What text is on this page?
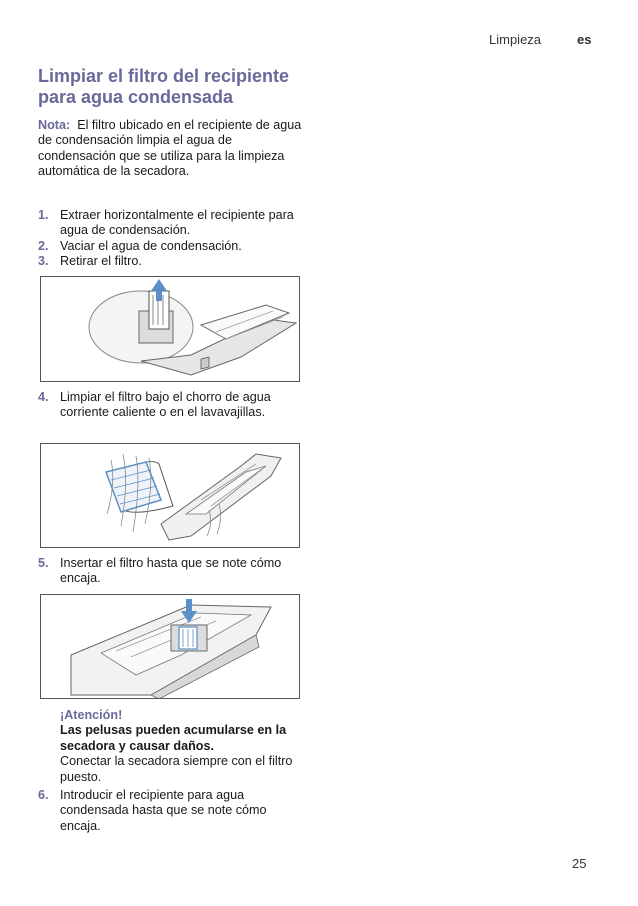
Limpieza	es
Limpiar el filtro del recipiente para agua condensada
Nota: El filtro ubicado en el recipiente de agua de condensación limpia el agua de condensación que se utiliza para la limpieza automática de la secadora.
1. Extraer horizontalmente el recipiente para agua de condensación.
2. Vaciar el agua de condensación.
3. Retirar el filtro.
4. Limpiar el filtro bajo el chorro de agua corriente caliente o en el lavavajillas.
5. Insertar el filtro hasta que se note cómo encaja.
¡Atención!
Las pelusas pueden acumularse en la secadora y causar daños.
Conectar la secadora siempre con el filtro puesto.
6. Introducir el recipiente para agua condensada hasta que se note cómo encaja.
25
